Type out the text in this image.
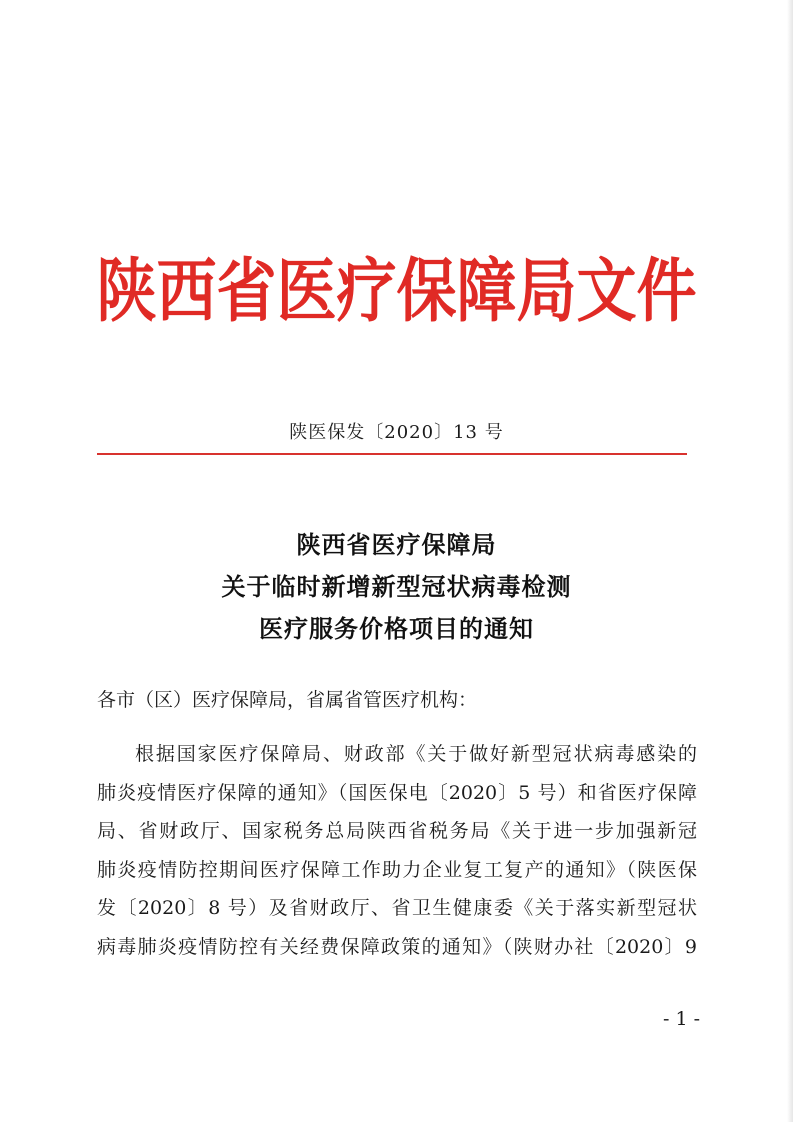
陕西省医疗保障局文件
陕医保发〔2020〕13 号
陕西省医疗保障局
关于临时新增新型冠状病毒检测
医疗服务价格项目的通知
各市（区）医疗保障局，省属省管医疗机构：
根据国家医疗保障局、财政部《关于做好新型冠状病毒感染的
肺炎疫情医疗保障的通知》（国医保电〔2020〕5 号）和省医疗保障
局、省财政厅、国家税务总局陕西省税务局《关于进一步加强新冠
肺炎疫情防控期间医疗保障工作助力企业复工复产的通知》（陕医保
发〔2020〕8 号）及省财政厅、省卫生健康委《关于落实新型冠状
病毒肺炎疫情防控有关经费保障政策的通知》（陕财办社〔2020〕9
- 1 -
